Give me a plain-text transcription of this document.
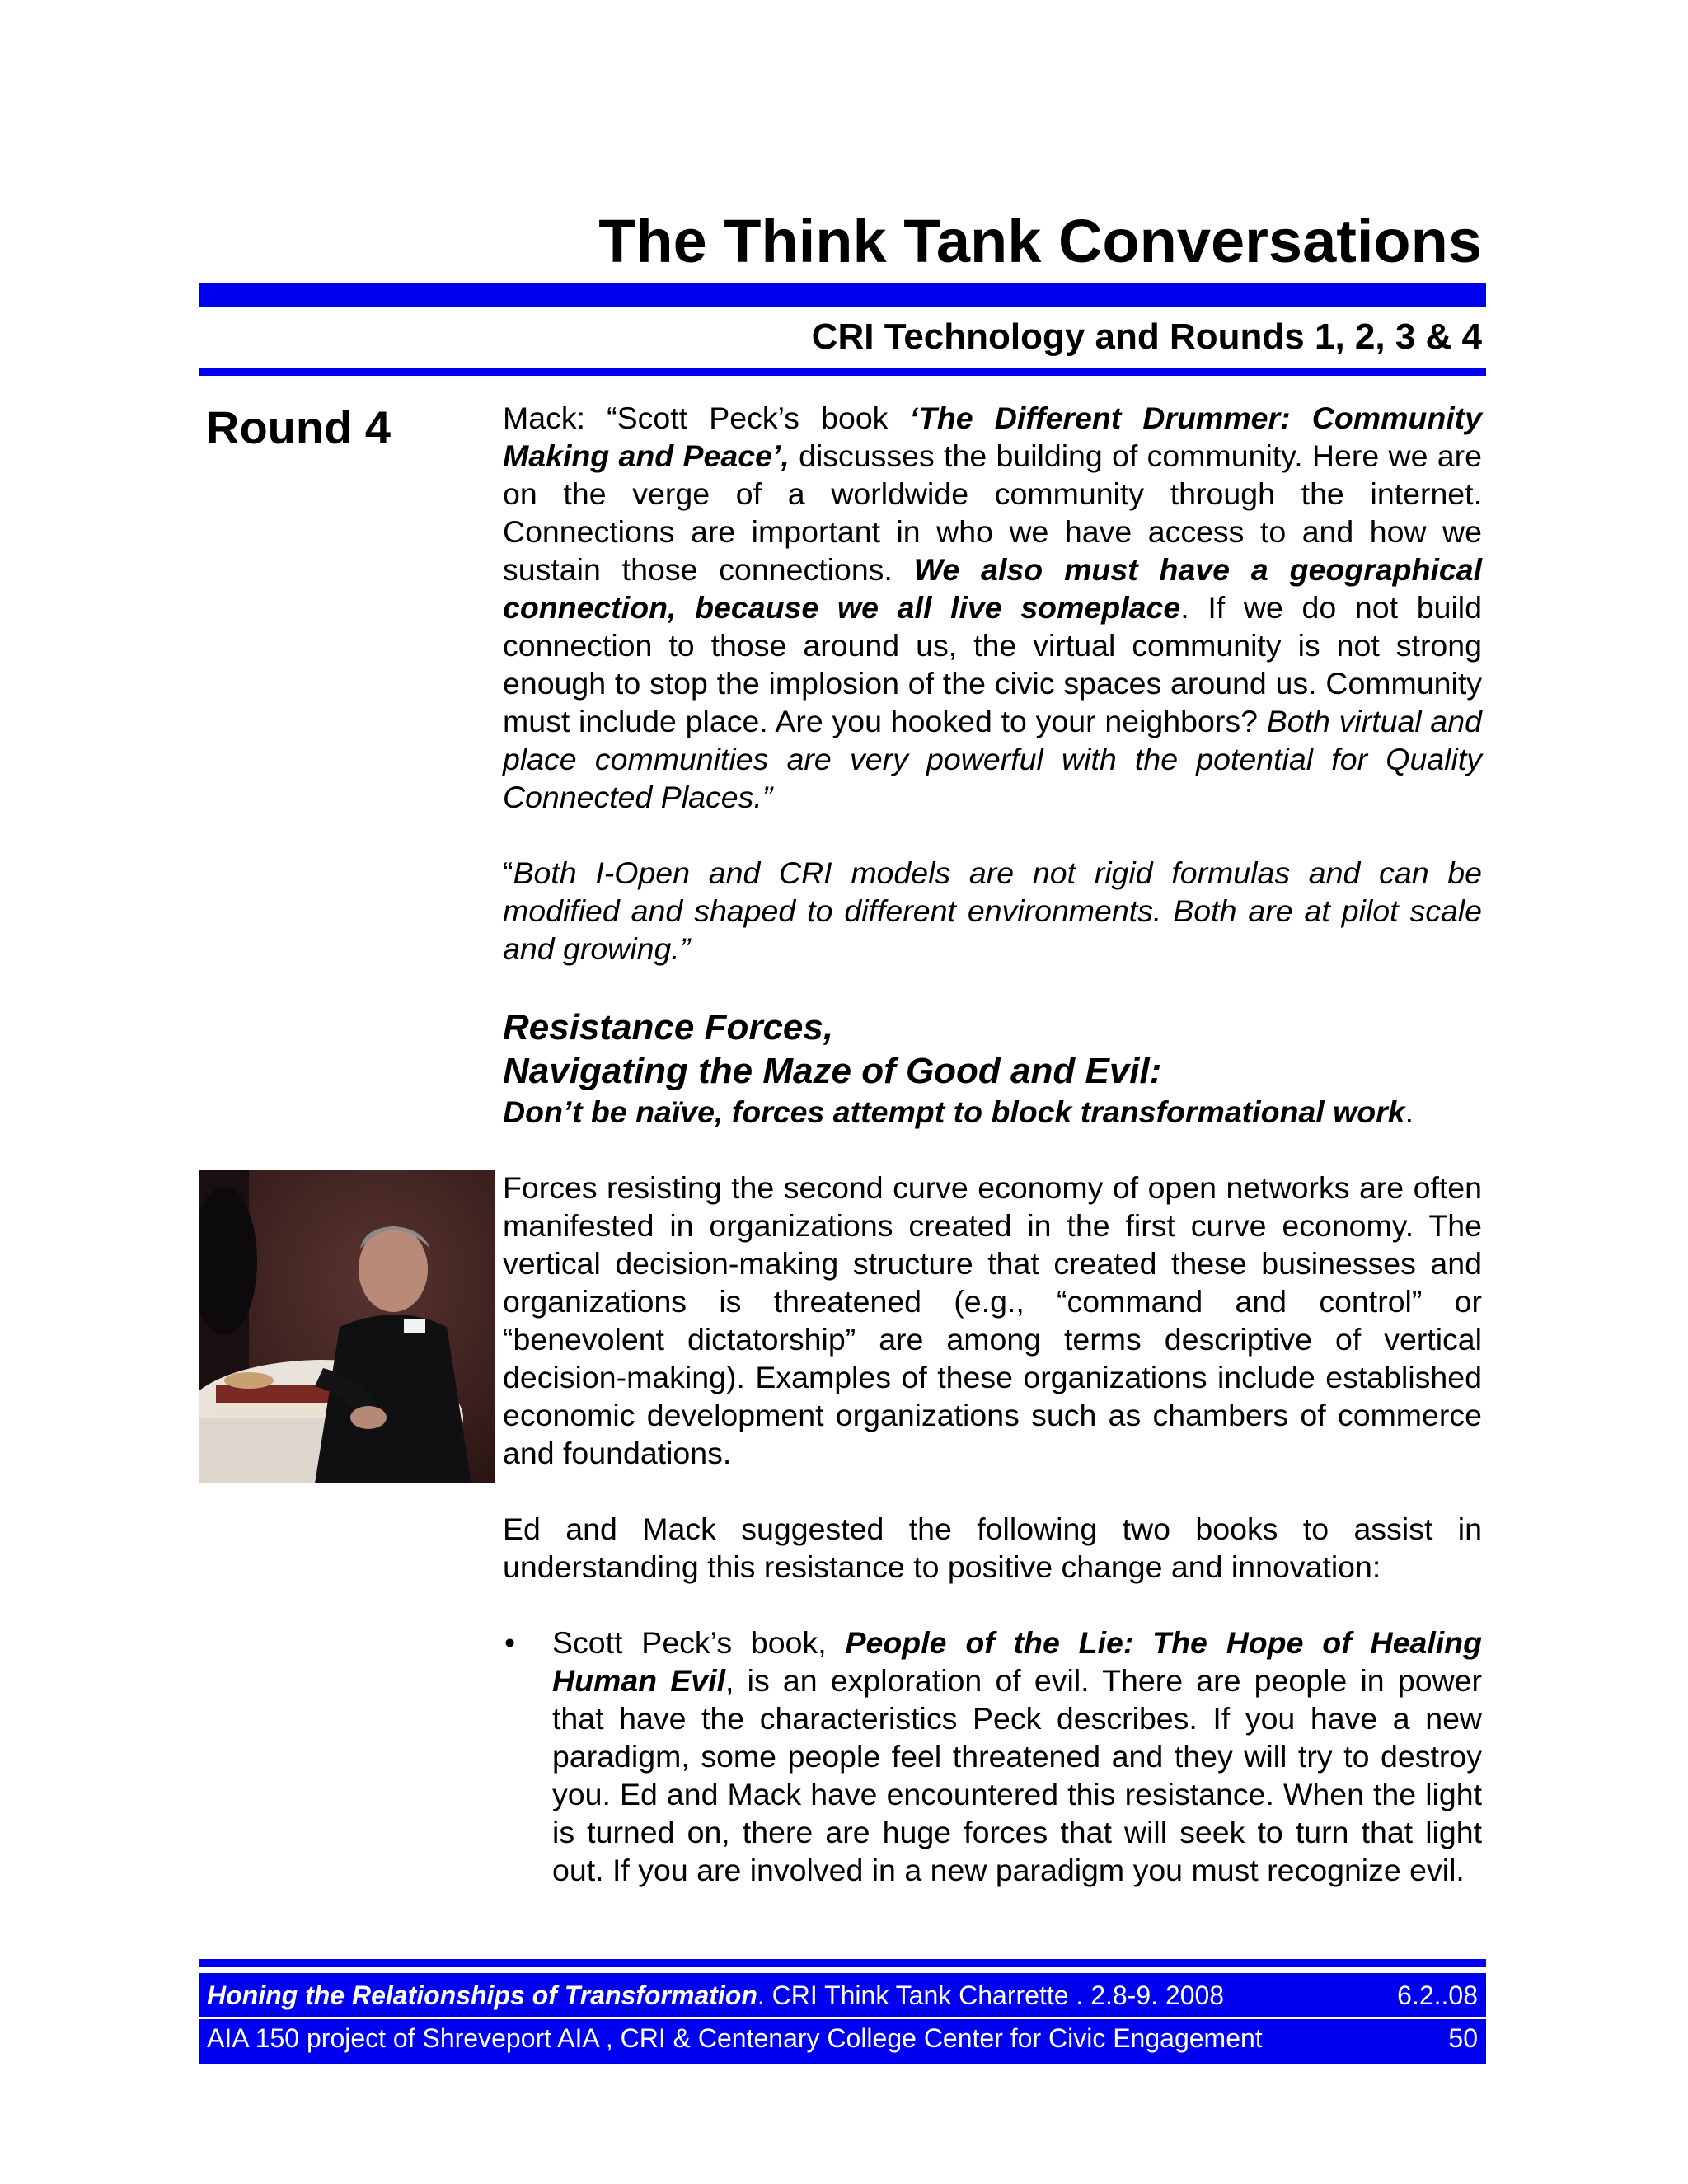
The Think Tank Conversations
CRI Technology and Rounds 1, 2, 3 & 4
Round 4	Mack: “Scott Peck’s book ‘The Different Drummer: Community Making and Peace’, discusses the building of community. Here we are on the verge of a worldwide community through the internet. Connections are important in who we have access to and how we sustain those connections. We also must have a geographical connection, because we all live someplace. If we do not build connection to those around us, the virtual community is not strong enough to stop the implosion of the civic spaces around us. Community must include place. Are you hooked to your neighbors? Both virtual and place communities are very powerful with the potential for Quality Connected Places.”

“Both I-Open and CRI models are not rigid formulas and can be modified and shaped to different environments. Both are at pilot scale and growing.”

Resistance Forces,
Navigating the Maze of Good and Evil:
Don’t be naïve, forces attempt to block transformational work.

Forces resisting the second curve economy of open networks are often manifested in organizations created in the first curve economy. The vertical decision-making structure that created these businesses and organizations is threatened (e.g., “command and control” or “benevolent dictatorship” are among terms descriptive of vertical decision-making). Examples of these organizations include established economic development organizations such as chambers of commerce and foundations.

Ed and Mack suggested the following two books to assist in understanding this resistance to positive change and innovation:

• Scott Peck’s book, People of the Lie: The Hope of Healing Human Evil, is an exploration of evil. There are people in power that have the characteristics Peck describes. If you have a new paradigm, some people feel threatened and they will try to destroy you. Ed and Mack have encountered this resistance. When the light is turned on, there are huge forces that will seek to turn that light out. If you are involved in a new paradigm you must recognize evil.
Honing the Relationships of Transformation. CRI Think Tank Charrette . 2.8-9. 2008	6.2..08
AIA 150 project of Shreveport AIA , CRI & Centenary College Center for Civic Engagement	50
